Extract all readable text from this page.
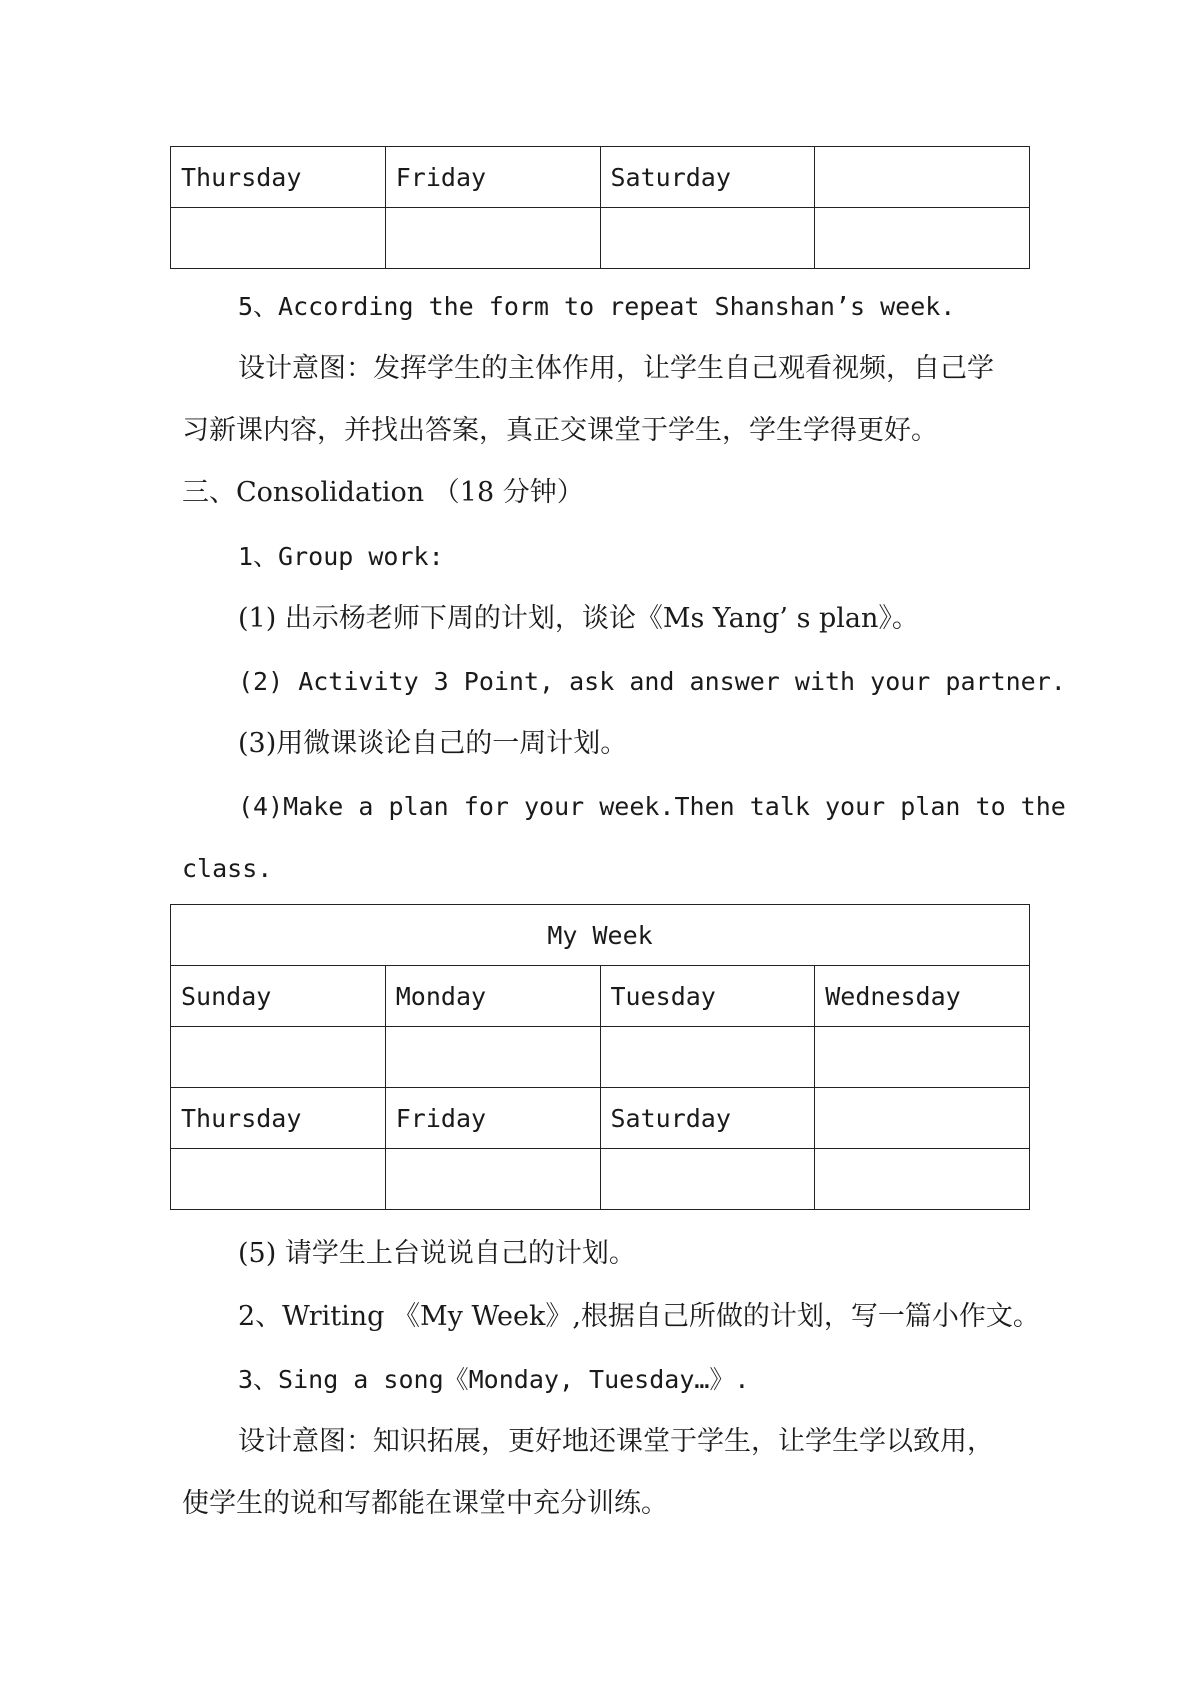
Thursday	Friday	Saturday	

5、According the form to repeat Shanshan’s week.
设计意图：发挥学生的主体作用，让学生自己观看视频，自己学
习新课内容，并找出答案，真正交课堂于学生，学生学得更好。
三、Consolidation （18 分钟）
1、Group work:
(1) 出示杨老师下周的计划，谈论《Ms Yang’ s plan》。
(2) Activity 3 Point, ask and answer with your partner.
(3)用微课谈论自己的一周计划。
(4)Make a plan for your week.Then talk your plan to the
class.
My Week			
Sunday	Monday	Tuesday	Wednesday

Thursday	Friday	Saturday	

(5) 请学生上台说说自己的计划。
2、Writing 《My Week》,根据自己所做的计划，写一篇小作文。
3、Sing a song《Monday, Tuesday…》.
设计意图：知识拓展，更好地还课堂于学生，让学生学以致用，
使学生的说和写都能在课堂中充分训练。
